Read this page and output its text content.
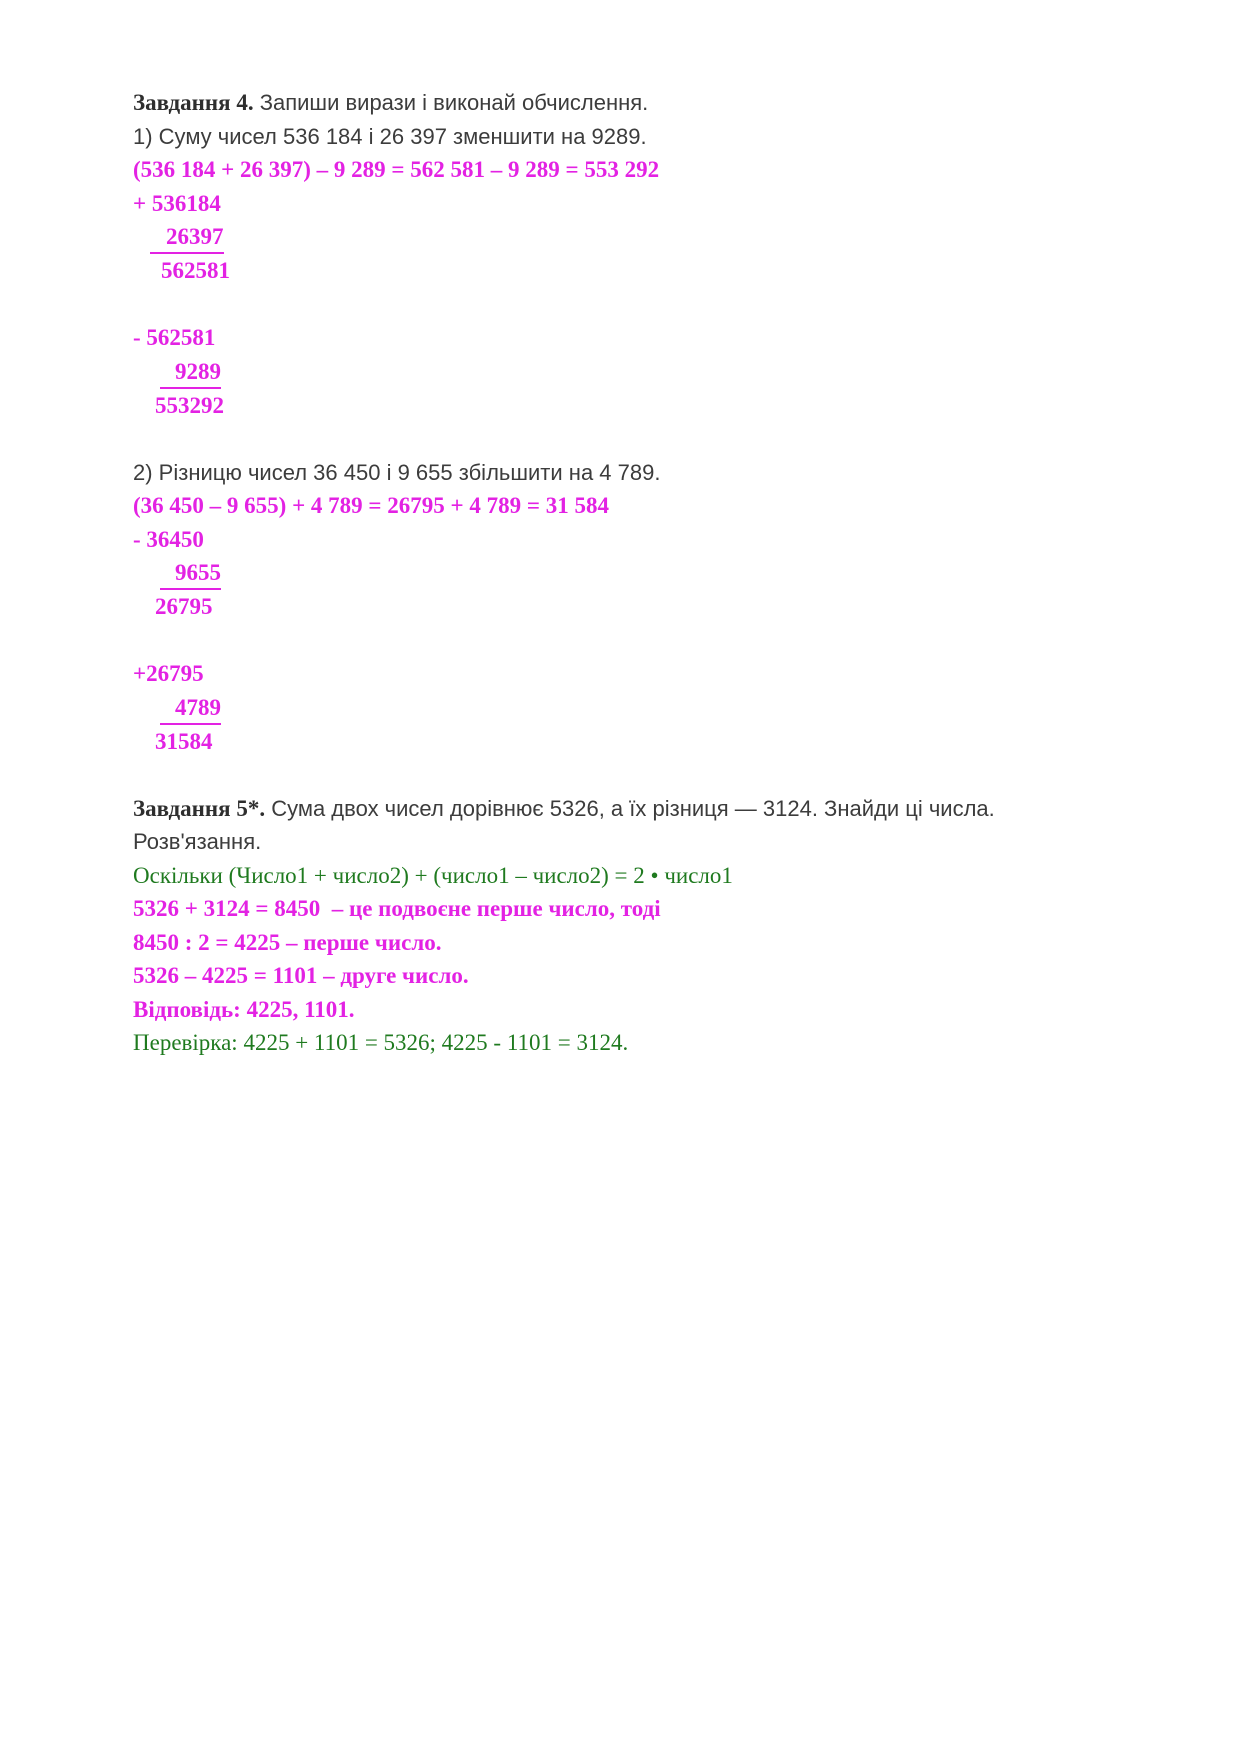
Завдання 4. Запиши вирази і виконай обчислення.
1) Суму чисел 536 184 і 26 397 зменшити на 9289.
(536 184 + 26 397) – 9 289 = 562 581 – 9 289 = 553 292
+ 536184
26397
562581

- 562581
9289
553292

2) Різницю чисел 36 450 і 9 655 збільшити на 4 789.
(36 450 – 9 655) + 4 789 = 26795 + 4 789 = 31 584
- 36450
9655
26795

+26795
4789
31584

Завдання 5*. Сума двох чисел дорівнює 5326, а їх різниця — 3124. Знайди ці числа.
Розв'язання.
Оскільки (Число1 + число2) + (число1 – число2) = 2 • число1
5326 + 3124 = 8450  – це подвоєне перше число, тоді
8450 : 2 = 4225 – перше число.
5326 – 4225 = 1101 – друге число.
Відповідь: 4225, 1101.
Перевірка: 4225 + 1101 = 5326; 4225 - 1101 = 3124.
